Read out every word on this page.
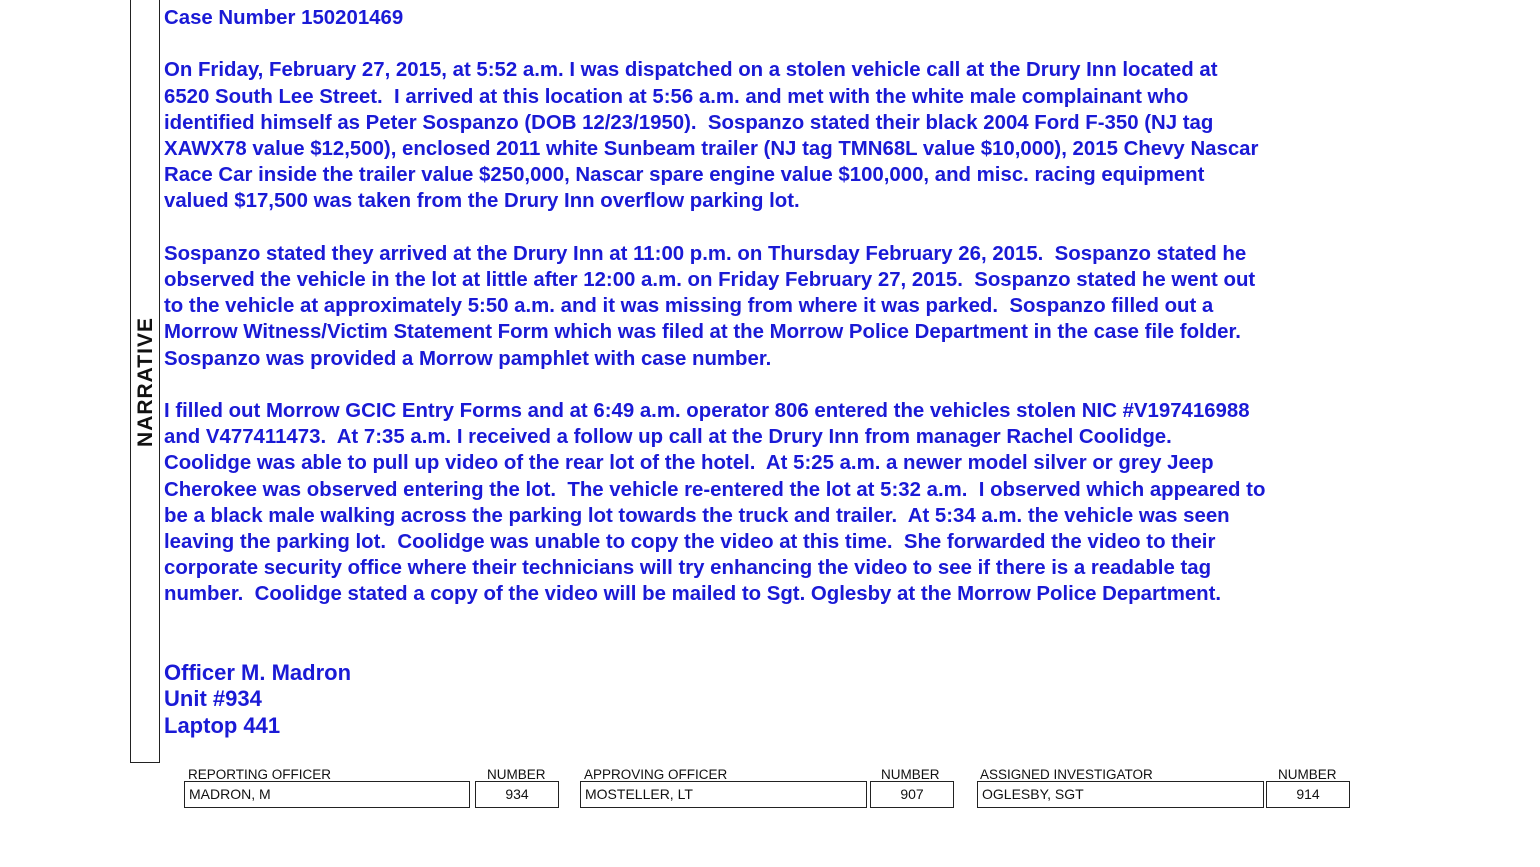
NARRATIVE

Case Number 150201469

On Friday, February 27, 2015, at 5:52 a.m. I was dispatched on a stolen vehicle call at the Drury Inn located at
6520 South Lee Street.  I arrived at this location at 5:56 a.m. and met with the white male complainant who
identified himself as Peter Sospanzo (DOB 12/23/1950).  Sospanzo stated their black 2004 Ford F-350 (NJ tag
XAWX78 value $12,500), enclosed 2011 white Sunbeam trailer (NJ tag TMN68L value $10,000), 2015 Chevy Nascar
Race Car inside the trailer value $250,000, Nascar spare engine value $100,000, and misc. racing equipment
valued $17,500 was taken from the Drury Inn overflow parking lot.

Sospanzo stated they arrived at the Drury Inn at 11:00 p.m. on Thursday February 26, 2015.  Sospanzo stated he
observed the vehicle in the lot at little after 12:00 a.m. on Friday February 27, 2015.  Sospanzo stated he went out
to the vehicle at approximately 5:50 a.m. and it was missing from where it was parked.  Sospanzo filled out a
Morrow Witness/Victim Statement Form which was filed at the Morrow Police Department in the case file folder.
Sospanzo was provided a Morrow pamphlet with case number.

I filled out Morrow GCIC Entry Forms and at 6:49 a.m. operator 806 entered the vehicles stolen NIC #V197416988
and V477411473.  At 7:35 a.m. I received a follow up call at the Drury Inn from manager Rachel Coolidge.
Coolidge was able to pull up video of the rear lot of the hotel.  At 5:25 a.m. a newer model silver or grey Jeep
Cherokee was observed entering the lot.  The vehicle re-entered the lot at 5:32 a.m.  I observed which appeared to
be a black male walking across the parking lot towards the truck and trailer.  At 5:34 a.m. the vehicle was seen
leaving the parking lot.  Coolidge was unable to copy the video at this time.  She forwarded the video to their
corporate security office where their technicians will try enhancing the video to see if there is a readable tag
number.  Coolidge stated a copy of the video will be mailed to Sgt. Oglesby at the Morrow Police Department.

Officer M. Madron

Unit #934

Laptop 441

REPORTING OFFICER
MADRON, M
NUMBER
934
APPROVING OFFICER
MOSTELLER, LT
NUMBER
907
ASSIGNED INVESTIGATOR
OGLESBY, SGT
NUMBER
914
